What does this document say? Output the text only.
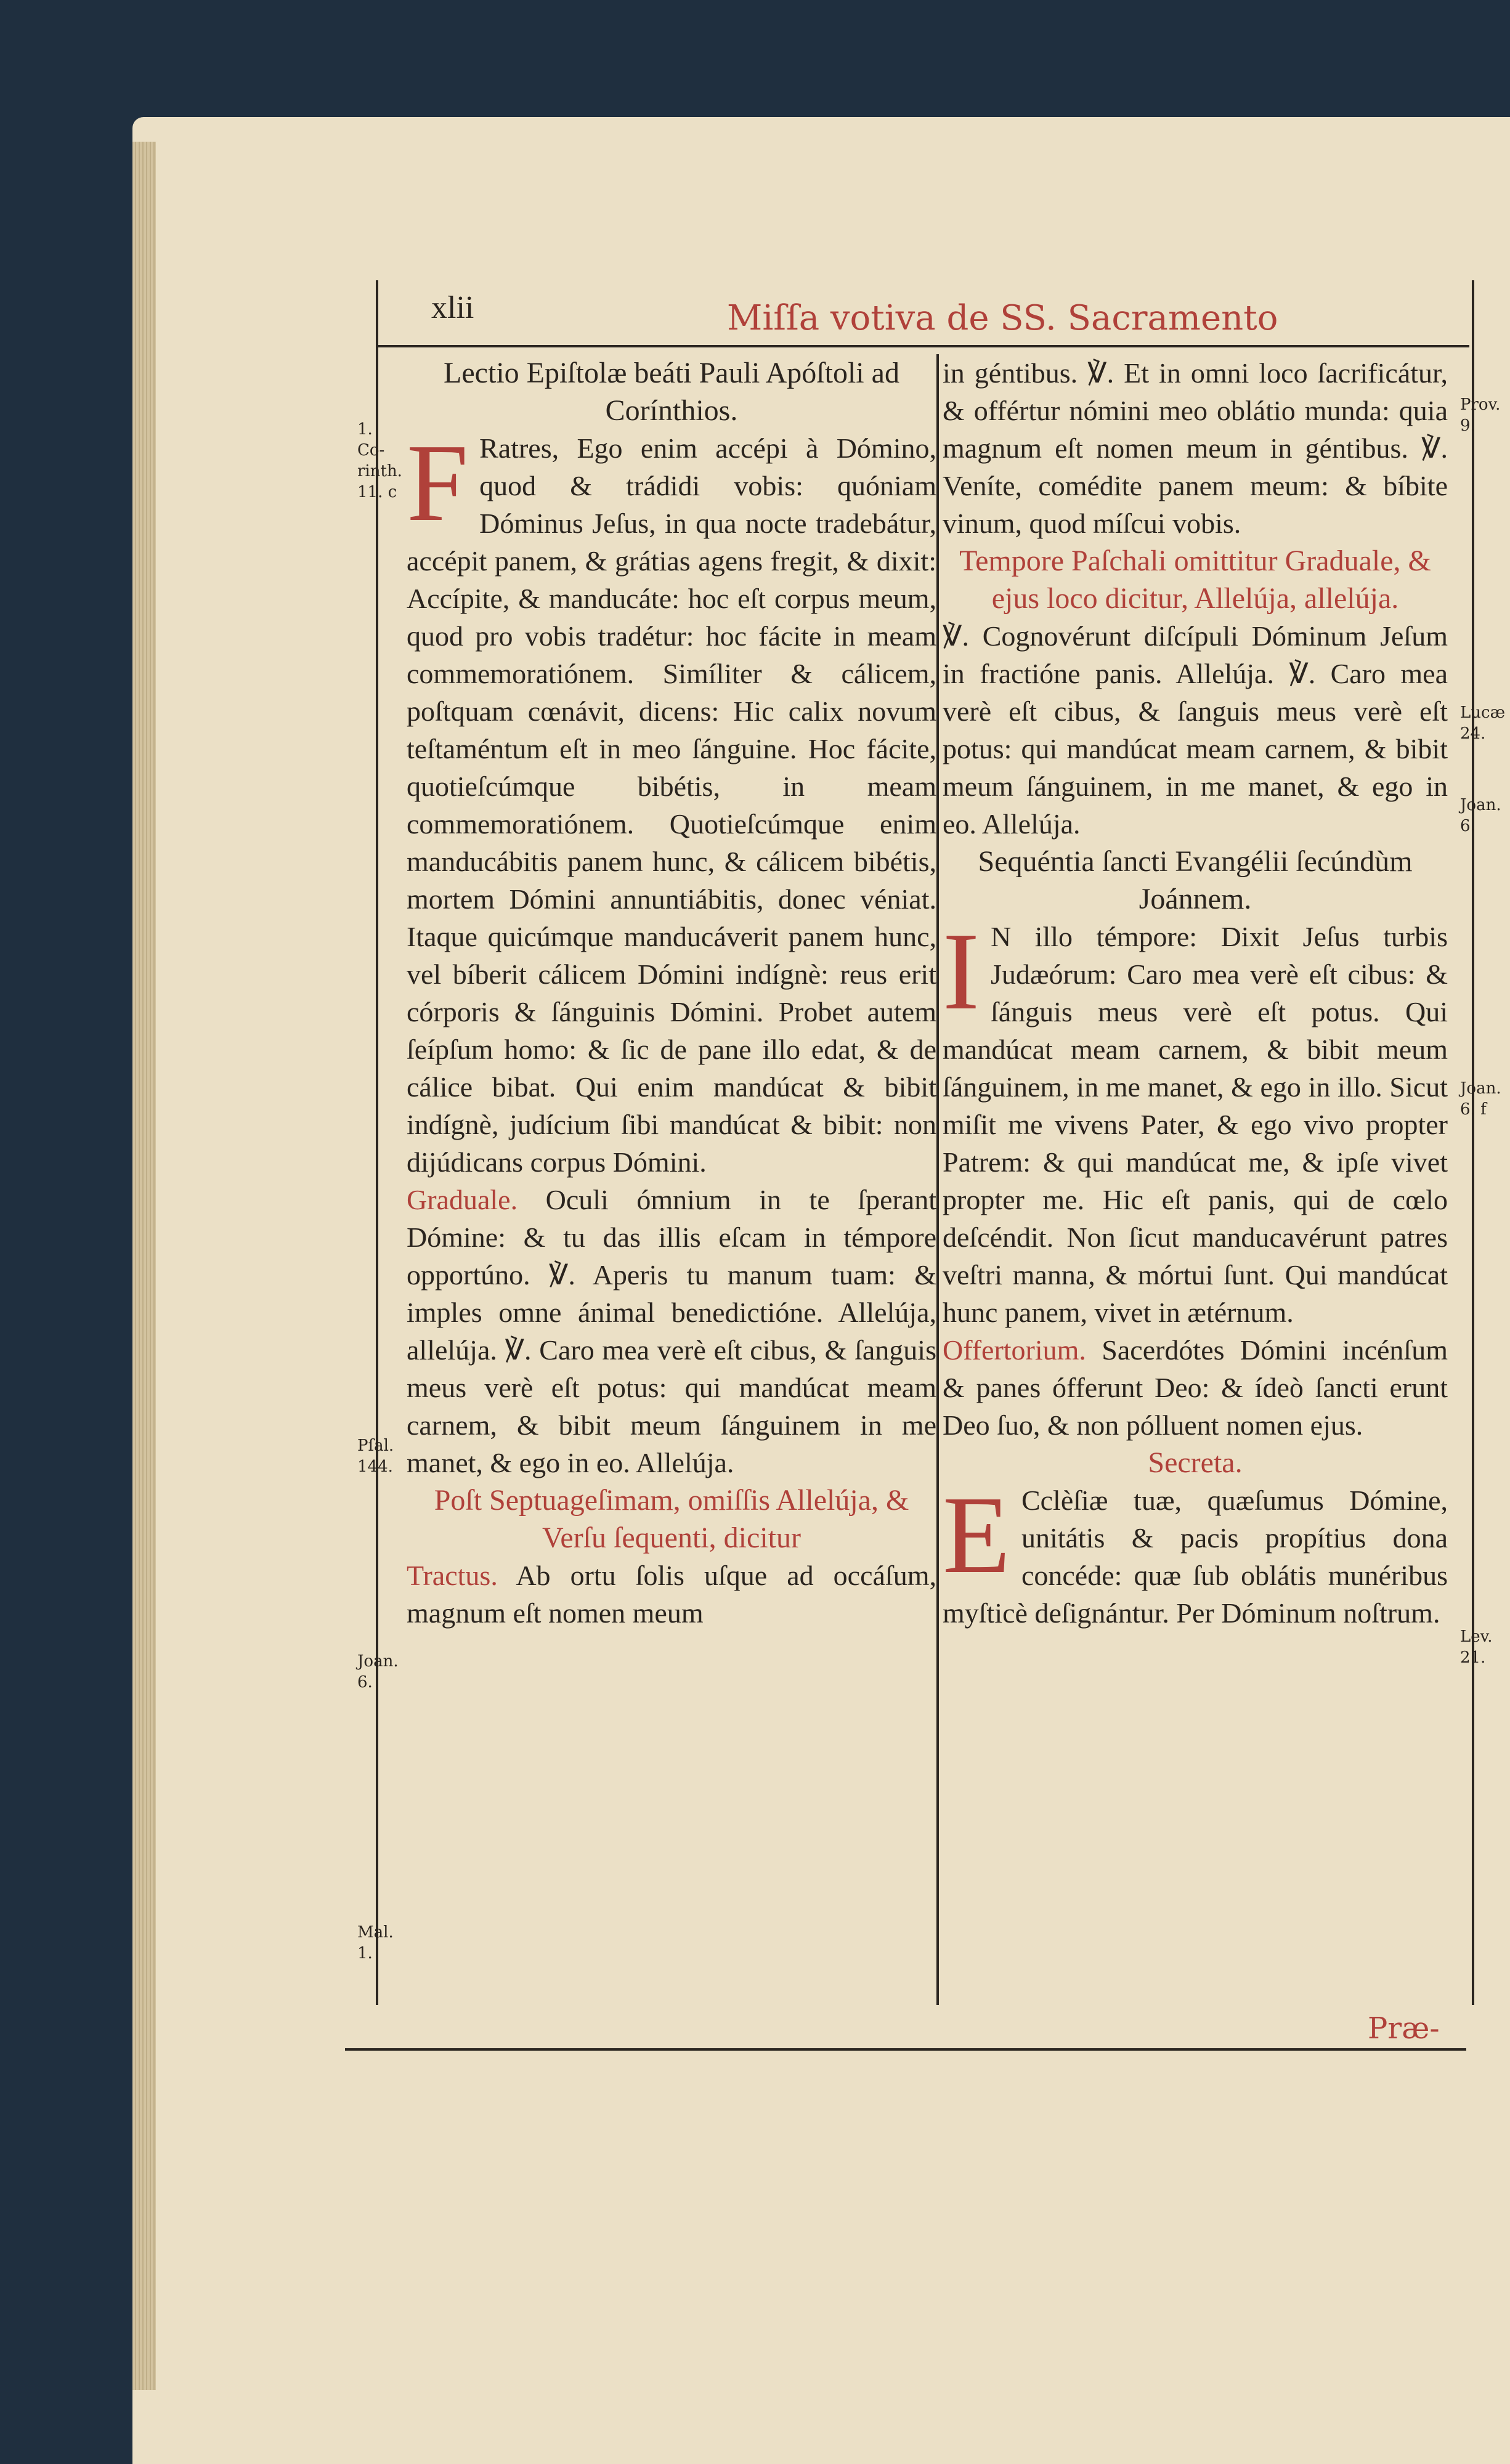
xlii	Miſſa votiva de SS. Sacramento
1. Co-rinth. 11. c
Pſal. 144.
Joan. 6.
Mal. 1.
Prov. 9.
Lucæ 24.
Joan. 6.
Joan. 6. f
Lev. 21.

Lectio Epiſtolæ beáti Pauli Apóſtoli ad Corínthios.

F Ratres, Ego enim accépi à Dómino, quod & trádidi vobis: quóniam Dóminus Jeſus, in qua nocte tradebátur, accépit panem, & grátias agens fregit, & dixit: Accípite, & manducáte: hoc eſt corpus meum, quod pro vobis tradétur: hoc fácite in meam commemoratiónem. Simíliter & cálicem, poſtquam cœnávit, dicens: Hic calix novum teſtaméntum eſt in meo ſánguine. Hoc fácite, quotieſcúmque bibétis, in meam commemoratiónem. Quotieſcúmque enim manducábitis panem hunc, & cálicem bibétis, mortem Dómini annuntiábitis, donec véniat. Itaque quicúmque manducáverit panem hunc, vel bíberit cálicem Dómini indígnè: reus erit córporis & ſánguinis Dómini. Probet autem ſeípſum homo: & ſic de pane illo edat, & de cálice bibat. Qui enim mandúcat & bibit indígnè, judícium ſibi mandúcat & bibit: non dijúdicans corpus Dómini.

Graduale. Oculi ómnium in te ſperant Dómine: & tu das illis eſcam in témpore opportúno. ℣. Aperis tu manum tuam: & imples omne ánimal benedictióne. Allelúja, allelúja. ℣. Caro mea verè eſt cibus, & ſanguis meus verè eſt potus: qui mandúcat meam carnem, & bibit meum ſánguinem in me manet, & ego in eo. Allelúja.

Poſt Septuageſimam, omiſſis Allelúja, & Verſu ſequenti, dicitur

Tractus. Ab ortu ſolis uſque ad occáſum, magnum eſt nomen meum

in géntibus. ℣. Et in omni loco ſacrificátur, & offértur nómini meo oblátio munda: quia magnum eſt nomen meum in géntibus. ℣. Veníte, comédite panem meum: & bíbite vinum, quod míſcui vobis.

Tempore Paſchali omittitur Graduale, & ejus loco dicitur, Allelúja, allelúja.

℣. Cognovérunt diſcípuli Dóminum Jeſum in fractióne panis. Allelúja. ℣. Caro mea verè eſt cibus, & ſanguis meus verè eſt potus: qui mandúcat meam carnem, & bibit meum ſánguinem, in me manet, & ego in eo. Allelúja.

Sequéntia ſancti Evangélii ſecúndùm Joánnem.

I N illo témpore: Dixit Jeſus turbis Judæórum: Caro mea verè eſt cibus: & ſánguis meus verè eſt potus. Qui mandúcat meam carnem, & bibit meum ſánguinem, in me manet, & ego in illo. Sicut miſit me vivens Pater, & ego vivo propter Patrem: & qui mandúcat me, & ipſe vivet propter me. Hic eſt panis, qui de cœlo deſcéndit. Non ſicut manducavérunt patres veſtri manna, & mórtui ſunt. Qui mandúcat hunc panem, vivet in ætérnum.

Offertorium. Sacerdótes Dómini incénſum & panes ófferunt Deo: & ídeò ſancti erunt Deo ſuo, & non pólluent nomen ejus.

Secreta.

E Cclèſiæ tuæ, quæſumus Dómine, unitátis & pacis propítius dona concéde: quæ ſub oblátis munéribus myſticè deſignántur. Per Dóminum noſtrum.

Præ-
